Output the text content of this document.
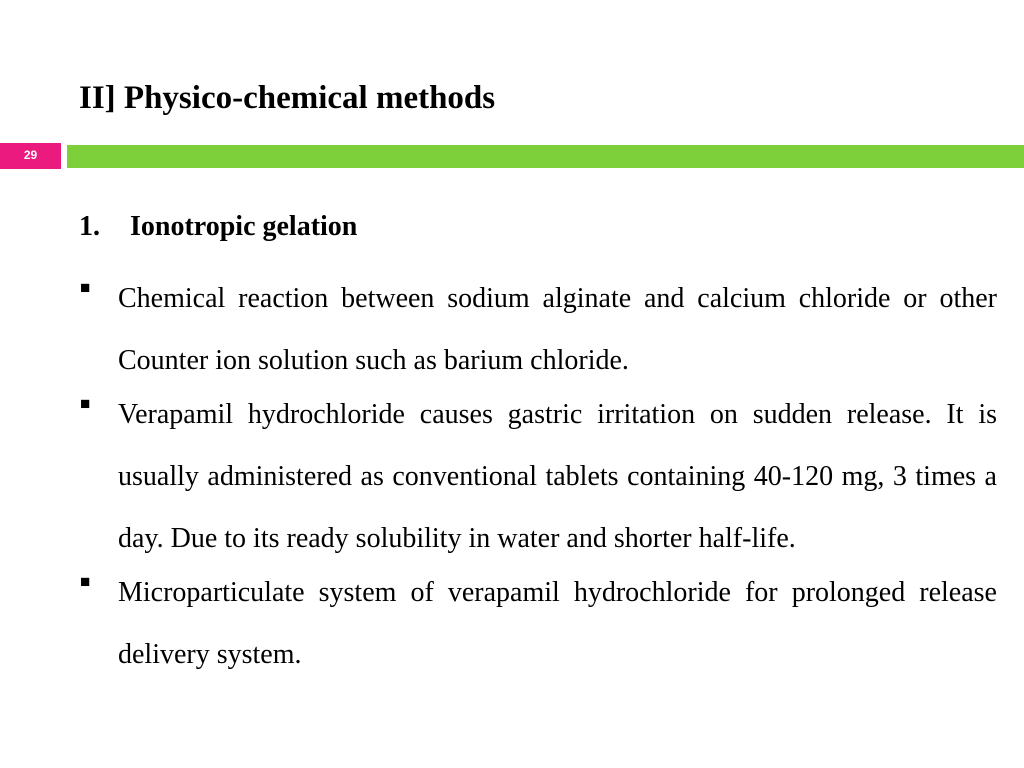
II] Physico-chemical methods
29
1. Ionotropic gelation
■ Chemical reaction between sodium alginate and calcium chloride or other Counter ion solution such as barium chloride.
■ Verapamil hydrochloride causes gastric irritation on sudden release. It is usually administered as conventional tablets containing 40-120 mg, 3 times a day. Due to its ready solubility in water and shorter half-life.
■ Microparticulate system of verapamil hydrochloride for prolonged release delivery system.
